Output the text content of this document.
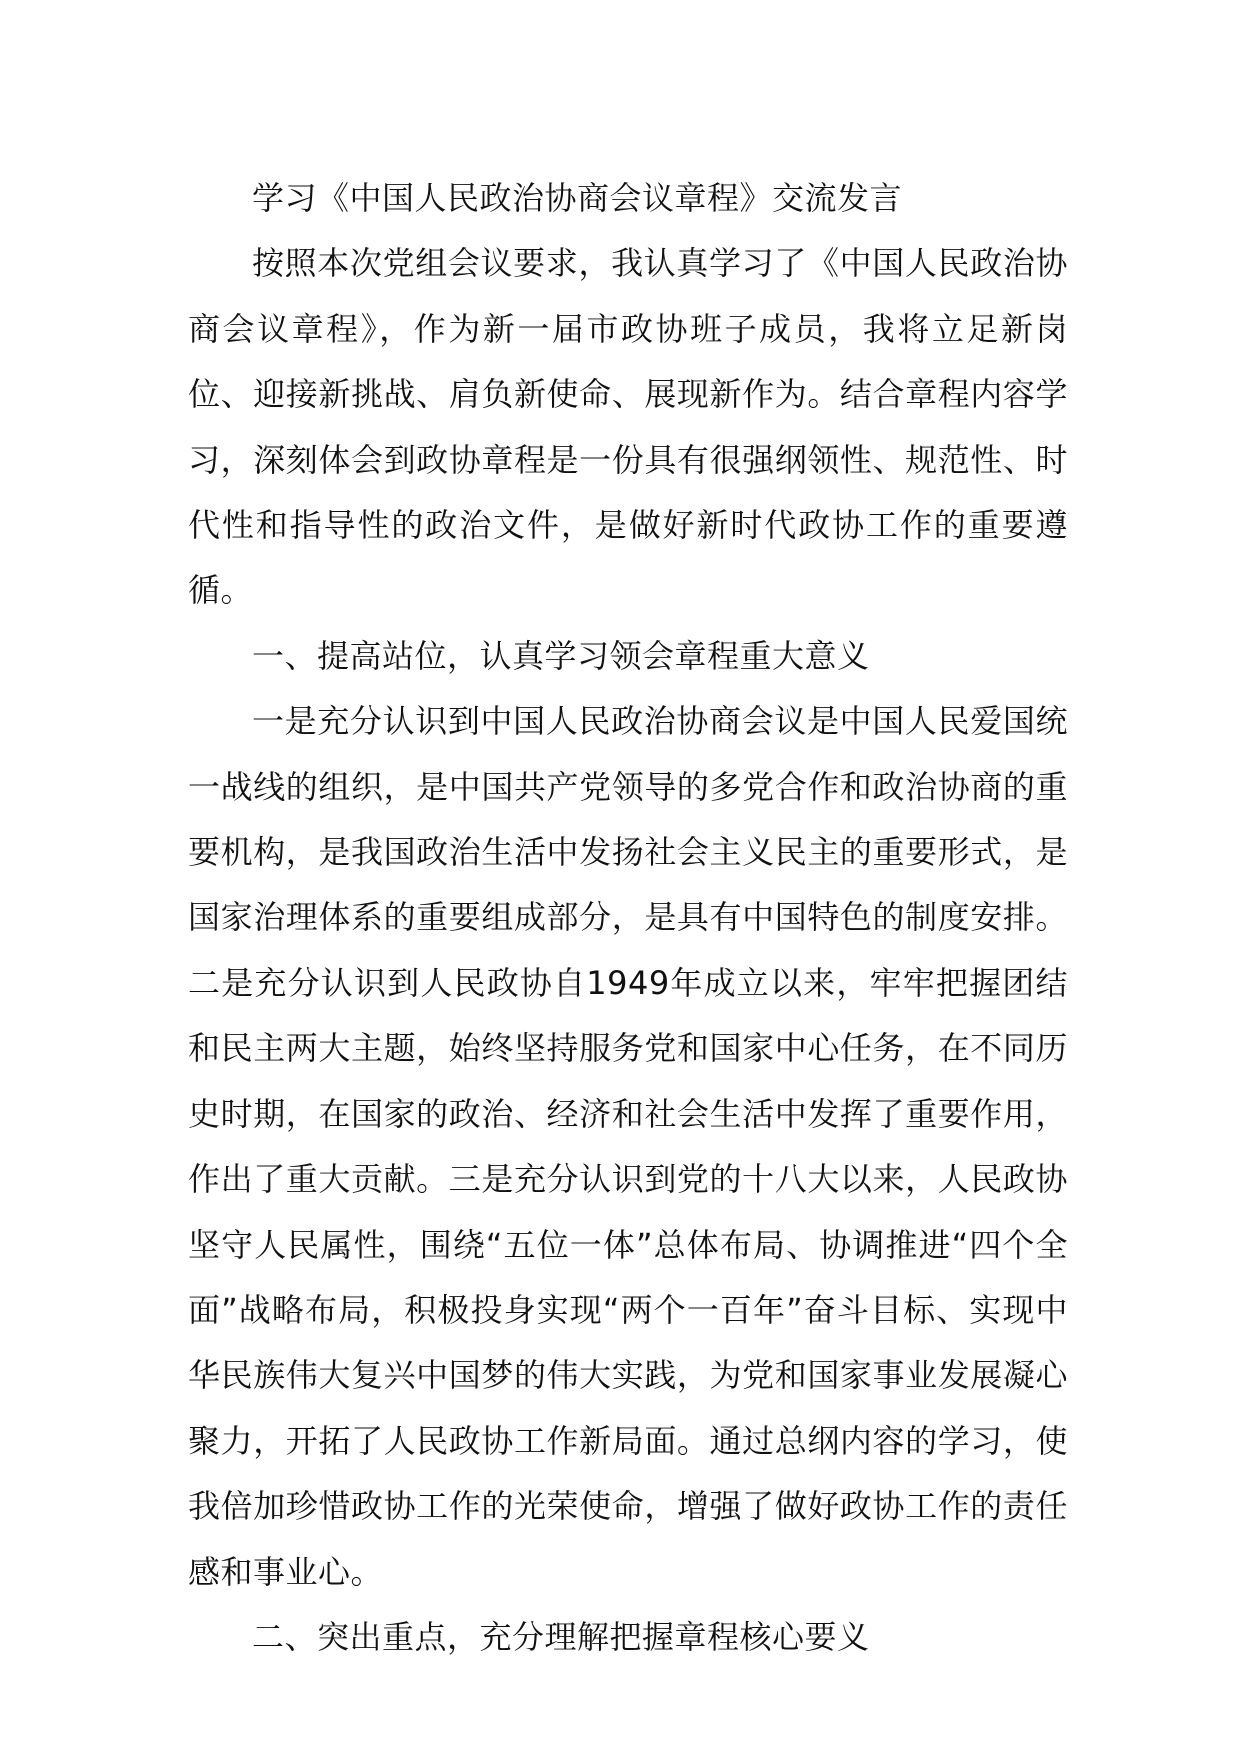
学习《中国人民政治协商会议章程》交流发言

按照本次党组会议要求，我认真学习了《中国人民政治协商会议章程》，作为新一届市政协班子成员，我将立足新岗位、迎接新挑战、肩负新使命、展现新作为。结合章程内容学习，深刻体会到政协章程是一份具有很强纲领性、规范性、时代性和指导性的政治文件，是做好新时代政协工作的重要遵循。

一、提高站位，认真学习领会章程重大意义

一是充分认识到中国人民政治协商会议是中国人民爱国统一战线的组织，是中国共产党领导的多党合作和政治协商的重要机构，是我国政治生活中发扬社会主义民主的重要形式，是国家治理体系的重要组成部分，是具有中国特色的制度安排。二是充分认识到人民政协自1949年成立以来，牢牢把握团结和民主两大主题，始终坚持服务党和国家中心任务，在不同历史时期，在国家的政治、经济和社会生活中发挥了重要作用，作出了重大贡献。三是充分认识到党的十八大以来，人民政协坚守人民属性，围绕“五位一体”总体布局、协调推进“四个全面”战略布局，积极投身实现“两个一百年”奋斗目标、实现中华民族伟大复兴中国梦的伟大实践，为党和国家事业发展凝心聚力，开拓了人民政协工作新局面。通过总纲内容的学习，使我倍加珍惜政协工作的光荣使命，增强了做好政协工作的责任感和事业心。

二、突出重点，充分理解把握章程核心要义
